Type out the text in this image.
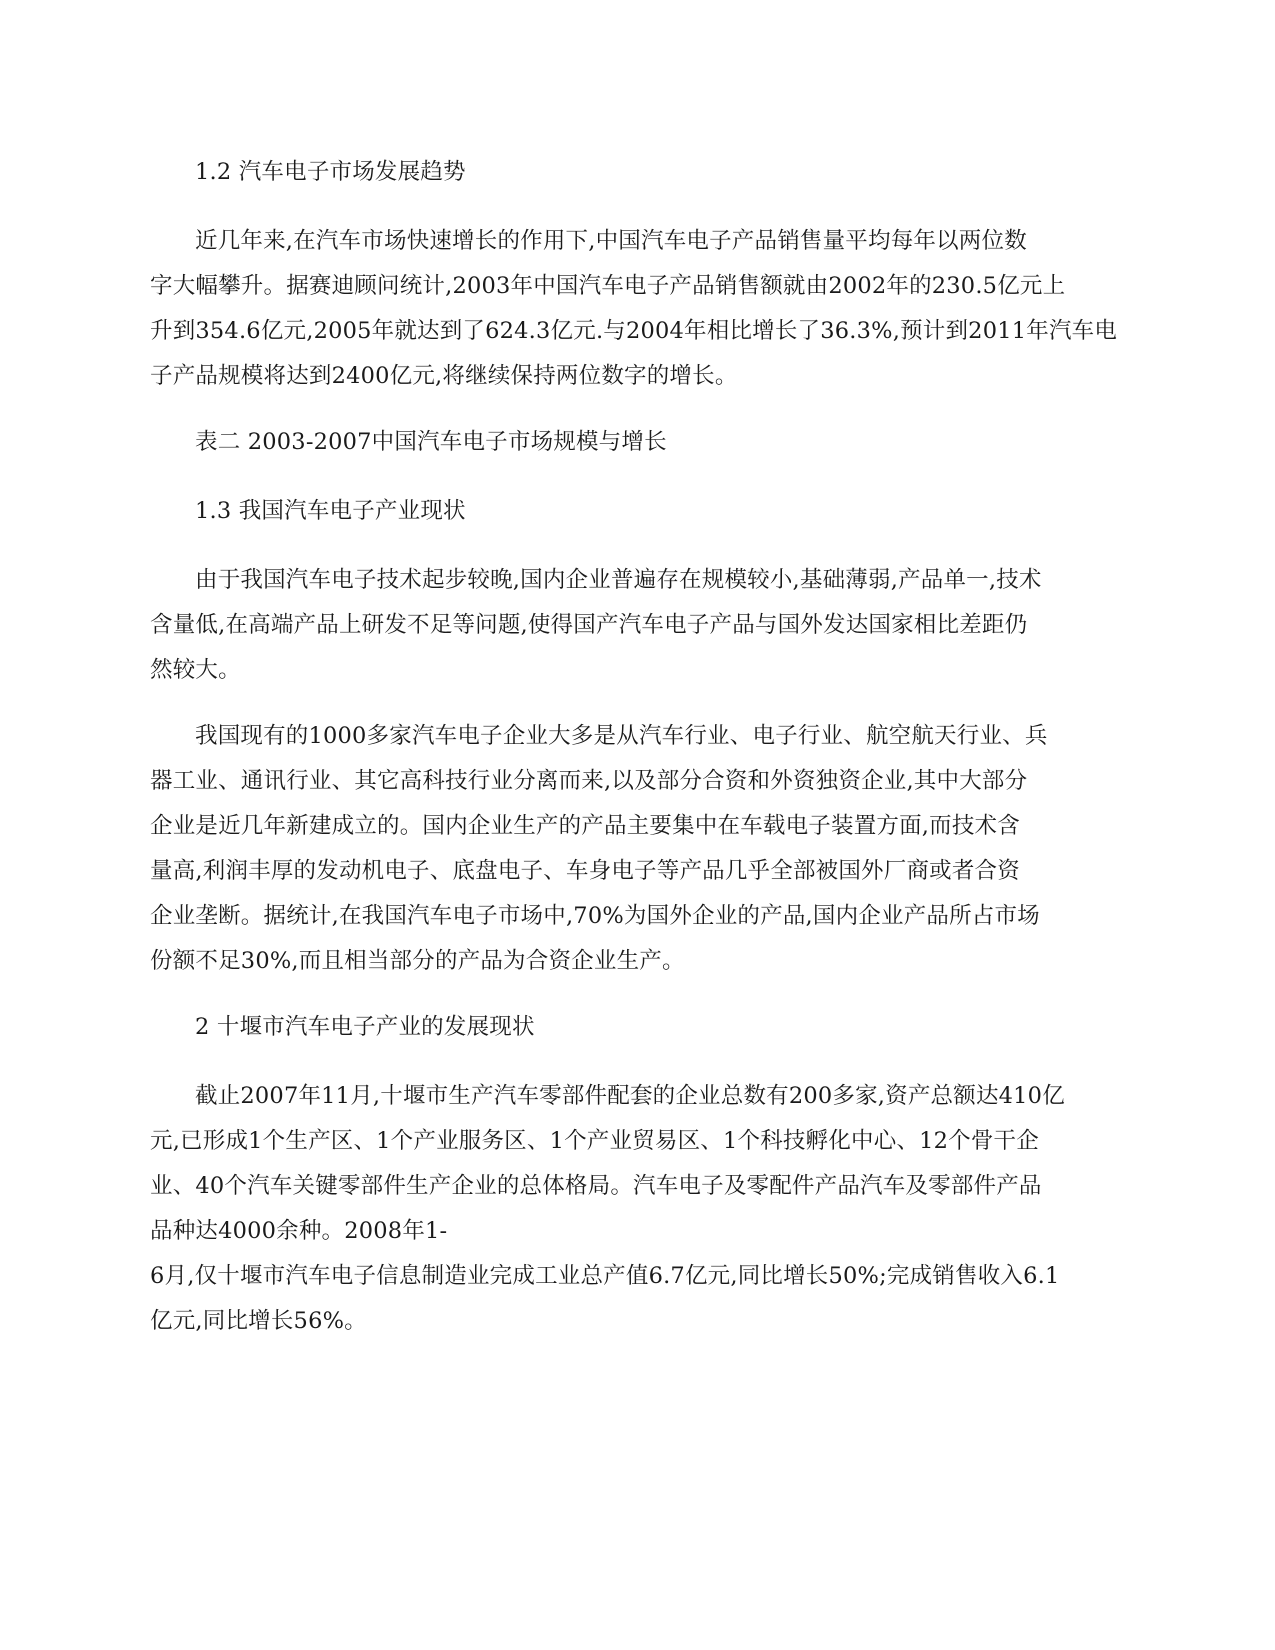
1.2 汽车电子市场发展趋势

近几年来,在汽车市场快速增长的作用下,中国汽车电子产品销售量平均每年以两位数
字大幅攀升。据赛迪顾问统计,2003年中国汽车电子产品销售额就由2002年的230.5亿元上
升到354.6亿元,2005年就达到了624.3亿元.与2004年相比增长了36.3%,预计到2011年汽车电
子产品规模将达到2400亿元,将继续保持两位数字的增长。

表二 2003-2007中国汽车电子市场规模与增长

1.3 我国汽车电子产业现状

由于我国汽车电子技术起步较晚,国内企业普遍存在规模较小,基础薄弱,产品单一,技术
含量低,在高端产品上研发不足等问题,使得国产汽车电子产品与国外发达国家相比差距仍
然较大。

我国现有的1000多家汽车电子企业大多是从汽车行业、电子行业、航空航天行业、兵
器工业、通讯行业、其它高科技行业分离而来,以及部分合资和外资独资企业,其中大部分
企业是近几年新建成立的。国内企业生产的产品主要集中在车载电子装置方面,而技术含
量高,利润丰厚的发动机电子、底盘电子、车身电子等产品几乎全部被国外厂商或者合资
企业垄断。据统计,在我国汽车电子市场中,70%为国外企业的产品,国内企业产品所占市场
份额不足30%,而且相当部分的产品为合资企业生产。

2 十堰市汽车电子产业的发展现状

截止2007年11月,十堰市生产汽车零部件配套的企业总数有200多家,资产总额达410亿
元,已形成1个生产区、1个产业服务区、1个产业贸易区、1个科技孵化中心、12个骨干企
业、40个汽车关键零部件生产企业的总体格局。汽车电子及零配件产品汽车及零部件产品
品种达4000余种。2008年1-
6月,仅十堰市汽车电子信息制造业完成工业总产值6.7亿元,同比增长50%;完成销售收入6.1
亿元,同比增长56%。
